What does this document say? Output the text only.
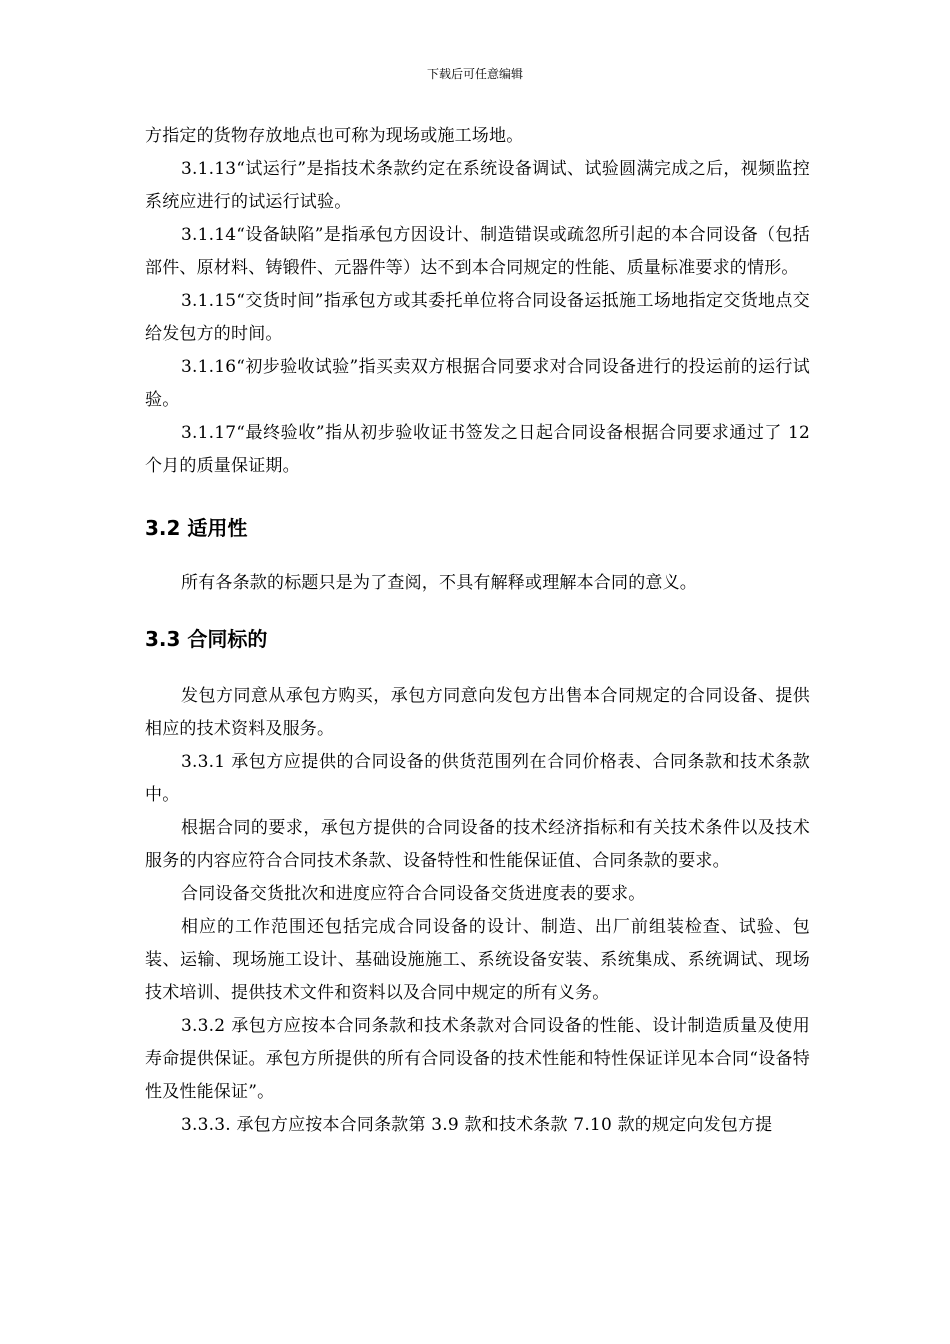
下载后可任意编辑

方指定的货物存放地点也可称为现场或施工场地。

3.1.13“试运行”是指技术条款约定在系统设备调试、试验圆满完成之后，视频监控系统应进行的试运行试验。

3.1.14“设备缺陷”是指承包方因设计、制造错误或疏忽所引起的本合同设备（包括部件、原材料、铸锻件、元器件等）达不到本合同规定的性能、质量标准要求的情形。

3.1.15“交货时间”指承包方或其委托单位将合同设备运抵施工场地指定交货地点交给发包方的时间。

3.1.16“初步验收试验”指买卖双方根据合同要求对合同设备进行的投运前的运行试验。

3.1.17“最终验收”指从初步验收证书签发之日起合同设备根据合同要求通过了 12 个月的质量保证期。

3.2 适用性

所有各条款的标题只是为了查阅，不具有解释或理解本合同的意义。

3.3 合同标的

发包方同意从承包方购买，承包方同意向发包方出售本合同规定的合同设备、提供相应的技术资料及服务。

3.3.1 承包方应提供的合同设备的供货范围列在合同价格表、合同条款和技术条款中。

根据合同的要求，承包方提供的合同设备的技术经济指标和有关技术条件以及技术服务的内容应符合合同技术条款、设备特性和性能保证值、合同条款的要求。

合同设备交货批次和进度应符合合同设备交货进度表的要求。

相应的工作范围还包括完成合同设备的设计、制造、出厂前组装检查、试验、包装、运输、现场施工设计、基础设施施工、系统设备安装、系统集成、系统调试、现场技术培训、提供技术文件和资料以及合同中规定的所有义务。

3.3.2 承包方应按本合同条款和技术条款对合同设备的性能、设计制造质量及使用寿命提供保证。承包方所提供的所有合同设备的技术性能和特性保证详见本合同“设备特性及性能保证”。

3.3.3. 承包方应按本合同条款第 3.9 款和技术条款 7.10 款的规定向发包方提
